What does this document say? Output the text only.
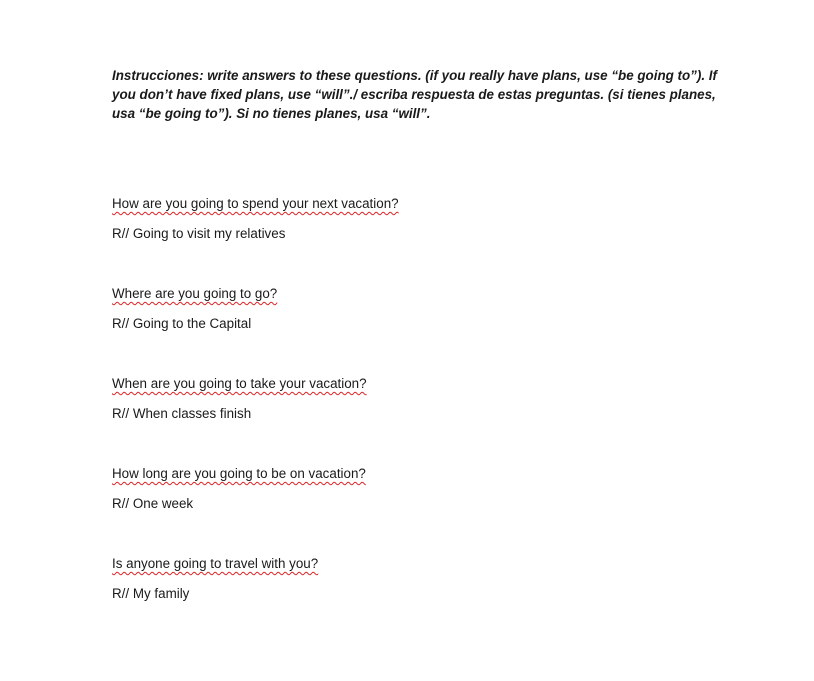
Instrucciones: write answers to these questions. (if you really have plans, use “be going to”). If
you don’t have fixed plans, use “will”./ escriba respuesta de estas preguntas. (si tienes planes,
usa “be going to”). Si no tienes planes, usa “will”.
How are you going to spend your next vacation?
R// Going to visit my relatives
Where are you going to go?
R// Going to the Capital
When are you going to take your vacation?
R// When classes finish
How long are you going to be on vacation?
R// One week
Is anyone going to travel with you?
R// My family
